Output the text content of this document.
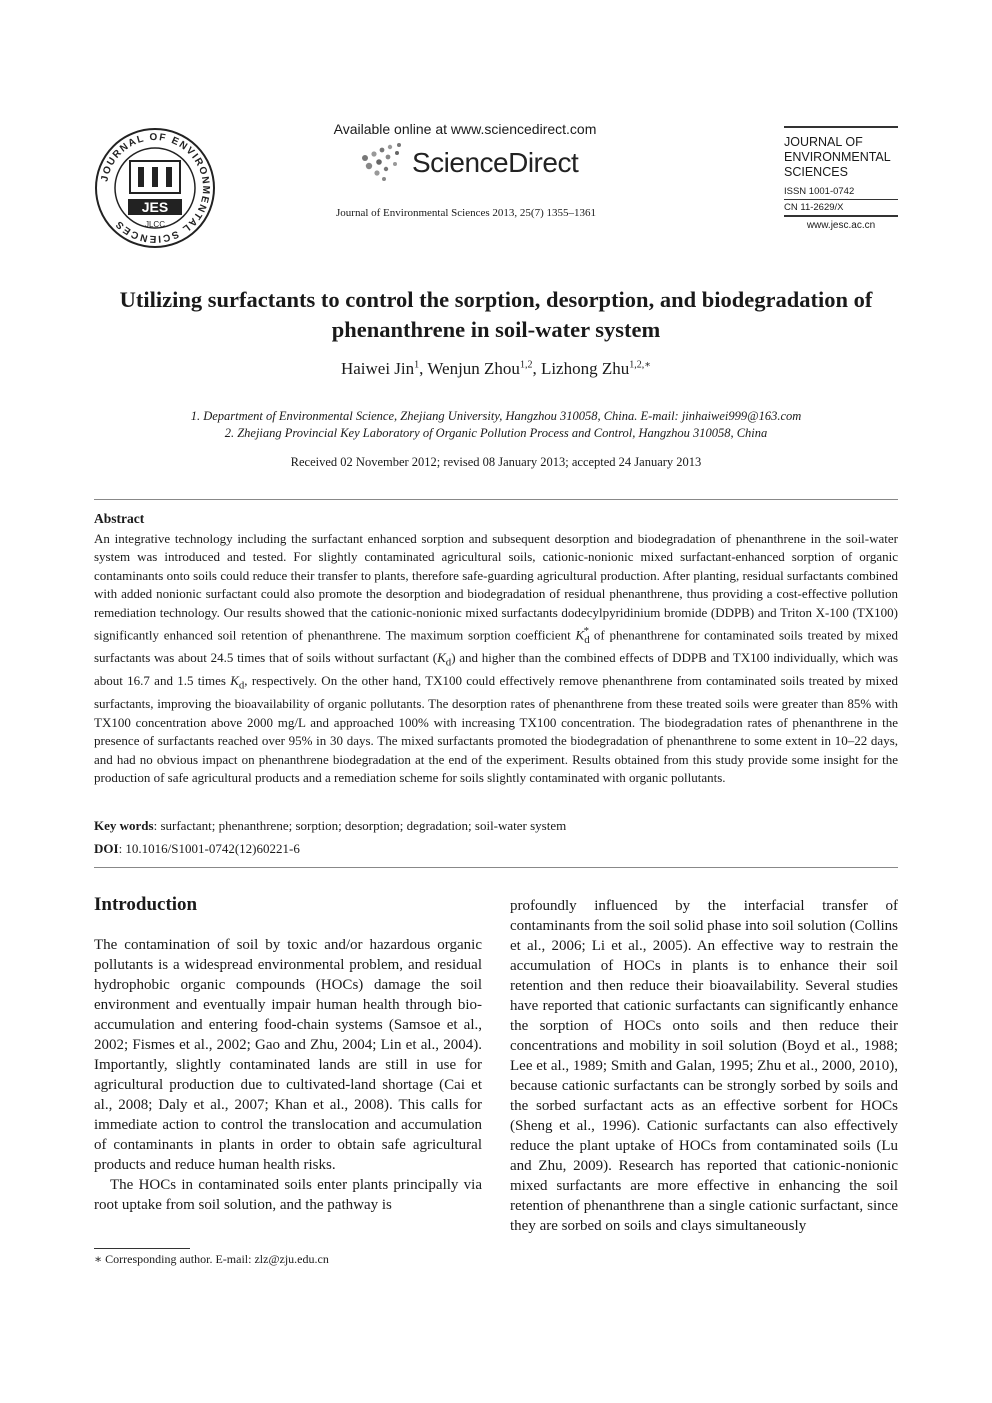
JOURNAL OF ENVIRONMENTAL SCIENCES
JES
JLCC
Available online at www.sciencedirect.com
ScienceDirect
Journal of Environmental Sciences 2013, 25(7) 1355–1361
JOURNAL OF
ENVIRONMENTAL
SCIENCES
ISSN 1001-0742
CN 11-2629/X
www.jesc.ac.cn
Utilizing surfactants to control the sorption, desorption, and biodegradation of phenanthrene in soil-water system
Haiwei Jin$^1$, Wenjun Zhou$^{1,2}$, Lizhong Zhu$^{1,2,∗}$
1. Department of Environmental Science, Zhejiang University, Hangzhou 310058, China. E-mail: jinhaiwei999@163.com
2. Zhejiang Provincial Key Laboratory of Organic Pollution Process and Control, Hangzhou 310058, China
Received 02 November 2012; revised 08 January 2013; accepted 24 January 2013
Abstract
An integrative technology including the surfactant enhanced sorption and subsequent desorption and biodegradation of phenanthrene in the soil-water system was introduced and tested. For slightly contaminated agricultural soils, cationic-nonionic mixed surfactant-enhanced sorption of organic contaminants onto soils could reduce their transfer to plants, therefore safe-guarding agricultural production. After planting, residual surfactants combined with added nonionic surfactant could also promote the desorption and biodegradation of residual phenanthrene, thus providing a cost-effective pollution remediation technology. Our results showed that the cationic-nonionic mixed surfactants dodecylpyridinium bromide (DDPB) and Triton X-100 (TX100) significantly enhanced soil retention of phenanthrene. The maximum sorption coefficient $K_d^*$ of phenanthrene for contaminated soils treated by mixed surfactants was about 24.5 times that of soils without surfactant $(K_d)$ and higher than the combined effects of DDPB and TX100 individually, which was about 16.7 and 1.5 times $K_d$, respectively. On the other hand, TX100 could effectively remove phenanthrene from contaminated soils treated by mixed surfactants, improving the bioavailability of organic pollutants. The desorption rates of phenanthrene from these treated soils were greater than 85% with TX100 concentration above 2000 mg/L and approached 100% with increasing TX100 concentration. The biodegradation rates of phenanthrene in the presence of surfactants reached over 95% in 30 days. The mixed surfactants promoted the biodegradation of phenanthrene to some extent in 10–22 days, and had no obvious impact on phenanthrene biodegradation at the end of the experiment. Results obtained from this study provide some insight for the production of safe agricultural products and a remediation scheme for soils slightly contaminated with organic pollutants.
Key words: surfactant; phenanthrene; sorption; desorption; degradation; soil-water system
DOI: 10.1016/S1001-0742(12)60221-6
Introduction

The contamination of soil by toxic and/or hazardous organic pollutants is a widespread environmental problem, and residual hydrophobic organic compounds (HOCs) damage the soil environment and eventually impair human health through bio-accumulation and entering food-chain systems (Samsoe et al., 2002; Fismes et al., 2002; Gao and Zhu, 2004; Lin et al., 2004). Importantly, slightly contaminated lands are still in use for agricultural production due to cultivated-land shortage (Cai et al., 2008; Daly et al., 2007; Khan et al., 2008). This calls for immediate action to control the translocation and accumulation of contaminants in plants in order to obtain safe agricultural products and reduce human health risks.

The HOCs in contaminated soils enter plants principally via root uptake from soil solution, and the pathway is

profoundly influenced by the interfacial transfer of contaminants from the soil solid phase into soil solution (Collins et al., 2006; Li et al., 2005). An effective way to restrain the accumulation of HOCs in plants is to enhance their soil retention and then reduce their bioavailability. Several studies have reported that cationic surfactants can significantly enhance the sorption of HOCs onto soils and then reduce their concentrations and mobility in soil solution (Boyd et al., 1988; Lee et al., 1989; Smith and Galan, 1995; Zhu et al., 2000, 2010), because cationic surfactants can be strongly sorbed by soils and the sorbed surfactant acts as an effective sorbent for HOCs (Sheng et al., 1996). Cationic surfactants can also effectively reduce the plant uptake of HOCs from contaminated soils (Lu and Zhu, 2009). Research has reported that cationic-nonionic mixed surfactants are more effective in enhancing the soil retention of phenanthrene than a single cationic surfactant, since they are sorbed on soils and clays simultaneously

∗ Corresponding author. E-mail: zlz@zju.edu.cn
